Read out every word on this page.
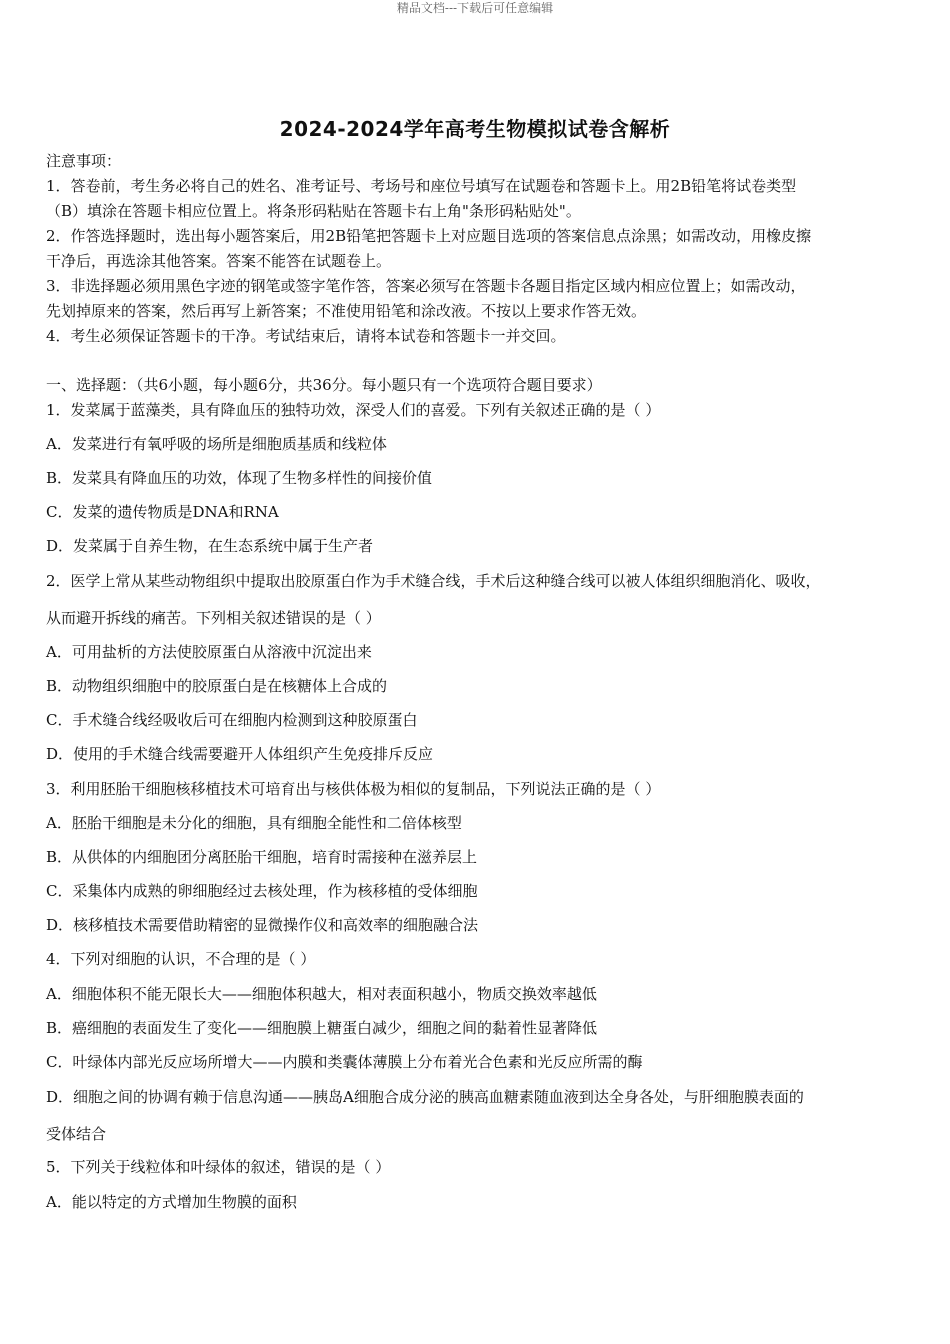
精品文档---下载后可任意编辑
2024-2024学年高考生物模拟试卷含解析
注意事项：
1．答卷前，考生务必将自己的姓名、准考证号、考场号和座位号填写在试题卷和答题卡上。用2B铅笔将试卷类型
（B）填涂在答题卡相应位置上。将条形码粘贴在答题卡右上角"条形码粘贴处"。
2．作答选择题时，选出每小题答案后，用2B铅笔把答题卡上对应题目选项的答案信息点涂黑；如需改动，用橡皮擦
干净后，再选涂其他答案。答案不能答在试题卷上。
3．非选择题必须用黑色字迹的钢笔或签字笔作答，答案必须写在答题卡各题目指定区域内相应位置上；如需改动，
先划掉原来的答案，然后再写上新答案；不准使用铅笔和涂改液。不按以上要求作答无效。
4．考生必须保证答题卡的干净。考试结束后，请将本试卷和答题卡一并交回。
一、选择题：（共6小题，每小题6分，共36分。每小题只有一个选项符合题目要求）
1．发菜属于蓝藻类，具有降血压的独特功效，深受人们的喜爱。下列有关叙述正确的是（ ）
A．发菜进行有氧呼吸的场所是细胞质基质和线粒体
B．发菜具有降血压的功效，体现了生物多样性的间接价值
C．发菜的遗传物质是DNA和RNA
D．发菜属于自养生物，在生态系统中属于生产者
2．医学上常从某些动物组织中提取出胶原蛋白作为手术缝合线，手术后这种缝合线可以被人体组织细胞消化、吸收，
从而避开拆线的痛苦。下列相关叙述错误的是（ ）
A．可用盐析的方法使胶原蛋白从溶液中沉淀出来
B．动物组织细胞中的胶原蛋白是在核糖体上合成的
C．手术缝合线经吸收后可在细胞内检测到这种胶原蛋白
D．使用的手术缝合线需要避开人体组织产生免疫排斥反应
3．利用胚胎干细胞核移植技术可培育出与核供体极为相似的复制品，下列说法正确的是（ ）
A．胚胎干细胞是未分化的细胞，具有细胞全能性和二倍体核型
B．从供体的内细胞团分离胚胎干细胞，培育时需接种在滋养层上
C．采集体内成熟的卵细胞经过去核处理，作为核移植的受体细胞
D．核移植技术需要借助精密的显微操作仪和高效率的细胞融合法
4．下列对细胞的认识，不合理的是（ ）
A．细胞体积不能无限长大——细胞体积越大，相对表面积越小，物质交换效率越低
B．癌细胞的表面发生了变化——细胞膜上糖蛋白减少，细胞之间的黏着性显著降低
C．叶绿体内部光反应场所增大——内膜和类囊体薄膜上分布着光合色素和光反应所需的酶
D．细胞之间的协调有赖于信息沟通——胰岛A细胞合成分泌的胰高血糖素随血液到达全身各处，与肝细胞膜表面的
受体结合
5．下列关于线粒体和叶绿体的叙述，错误的是（ ）
A．能以特定的方式增加生物膜的面积
